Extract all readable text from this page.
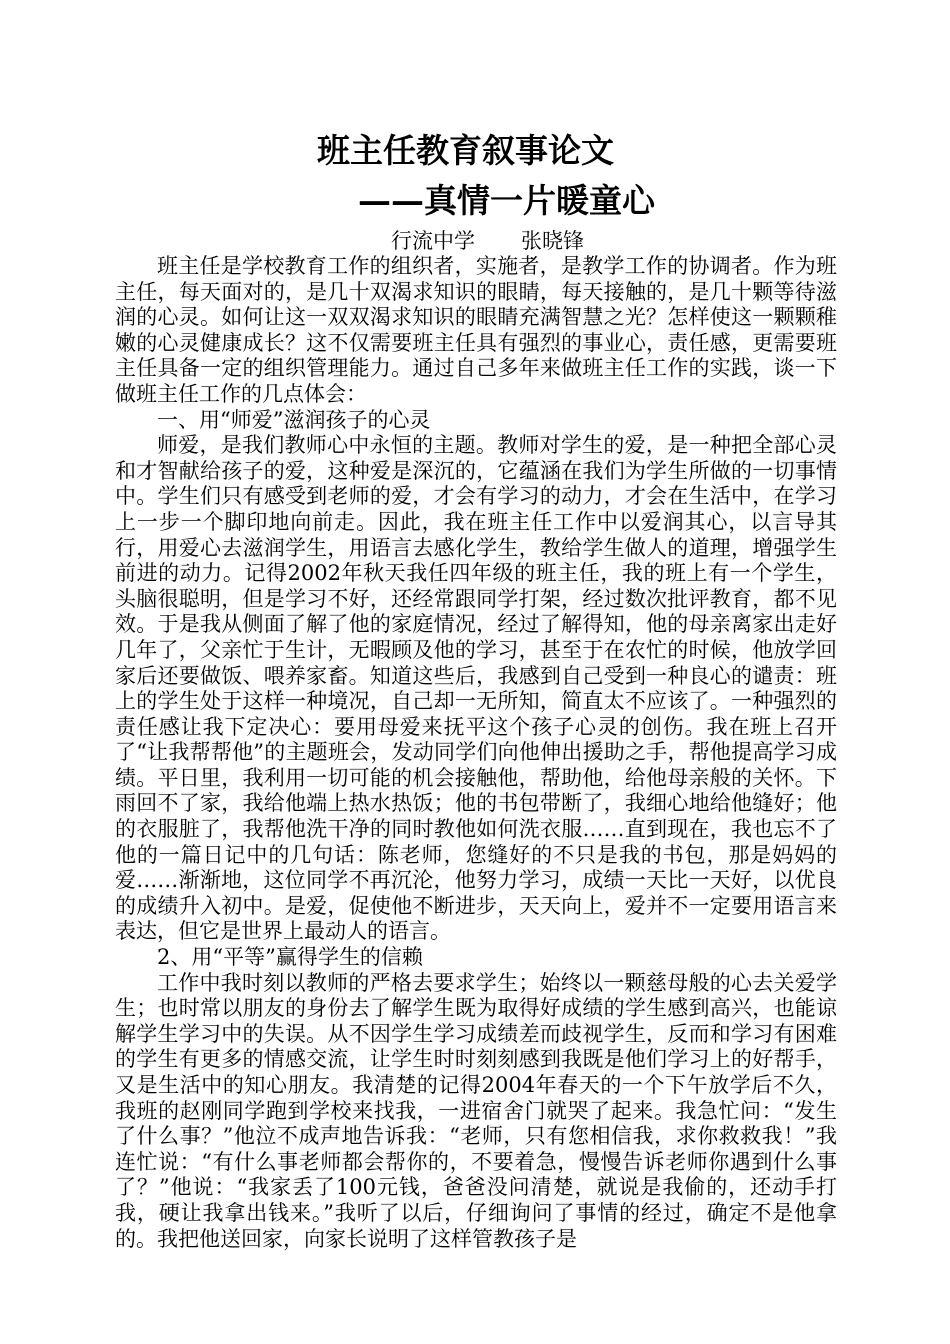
班主任教育叙事论文
——真情一片暖童心
行流中学 张晓锋

班主任是学校教育工作的组织者，实施者，是教学工作的协调者。作为班主任，每天面对的，是几十双渴求知识的眼睛，每天接触的，是几十颗等待滋润的心灵。如何让这一双双渴求知识的眼睛充满智慧之光？怎样使这一颗颗稚嫩的心灵健康成长？这不仅需要班主任具有强烈的事业心，责任感，更需要班主任具备一定的组织管理能力。通过自己多年来做班主任工作的实践，谈一下做班主任工作的几点体会：

一、用“师爱”滋润孩子的心灵

师爱，是我们教师心中永恒的主题。教师对学生的爱，是一种把全部心灵和才智献给孩子的爱，这种爱是深沉的，它蕴涵在我们为学生所做的一切事情中。学生们只有感受到老师的爱，才会有学习的动力，才会在生活中，在学习上一步一个脚印地向前走。因此，我在班主任工作中以爱润其心，以言导其行，用爱心去滋润学生，用语言去感化学生，教给学生做人的道理，增强学生前进的动力。记得2002年秋天我任四年级的班主任，我的班上有一个学生，头脑很聪明，但是学习不好，还经常跟同学打架，经过数次批评教育，都不见效。于是我从侧面了解了他的家庭情况，经过了解得知，他的母亲离家出走好几年了，父亲忙于生计，无暇顾及他的学习，甚至于在农忙的时候，他放学回家后还要做饭、喂养家畜。知道这些后，我感到自己受到一种良心的谴责：班上的学生处于这样一种境况，自己却一无所知，简直太不应该了。一种强烈的责任感让我下定决心：要用母爱来抚平这个孩子心灵的创伤。我在班上召开了“让我帮帮他”的主题班会，发动同学们向他伸出援助之手，帮他提高学习成绩。平日里，我利用一切可能的机会接触他，帮助他，给他母亲般的关怀。下雨回不了家，我给他端上热水热饭；他的书包带断了，我细心地给他缝好；他的衣服脏了，我帮他洗干净的同时教他如何洗衣服……直到现在，我也忘不了他的一篇日记中的几句话：陈老师，您缝好的不只是我的书包，那是妈妈的爱……渐渐地，这位同学不再沉沦，他努力学习，成绩一天比一天好，以优良的成绩升入初中。是爱，促使他不断进步，天天向上，爱并不一定要用语言来表达，但它是世界上最动人的语言。

2、用“平等”赢得学生的信赖

工作中我时刻以教师的严格去要求学生；始终以一颗慈母般的心去关爱学生；也时常以朋友的身份去了解学生既为取得好成绩的学生感到高兴，也能谅解学生学习中的失误。从不因学生学习成绩差而歧视学生，反而和学习有困难的学生有更多的情感交流，让学生时时刻刻感到我既是他们学习上的好帮手，又是生活中的知心朋友。我清楚的记得2004年春天的一个下午放学后不久，我班的赵刚同学跑到学校来找我，一进宿舍门就哭了起来。我急忙问：“发生了什么事？”他泣不成声地告诉我：“老师，只有您相信我，求你救救我！”我连忙说：“有什么事老师都会帮你的，不要着急，慢慢告诉老师你遇到什么事了？”他说：“我家丢了100元钱，爸爸没问清楚，就说是我偷的，还动手打我，硬让我拿出钱来。”我听了以后，仔细询问了事情的经过，确定不是他拿的。我把他送回家，向家长说明了这样管教孩子是
